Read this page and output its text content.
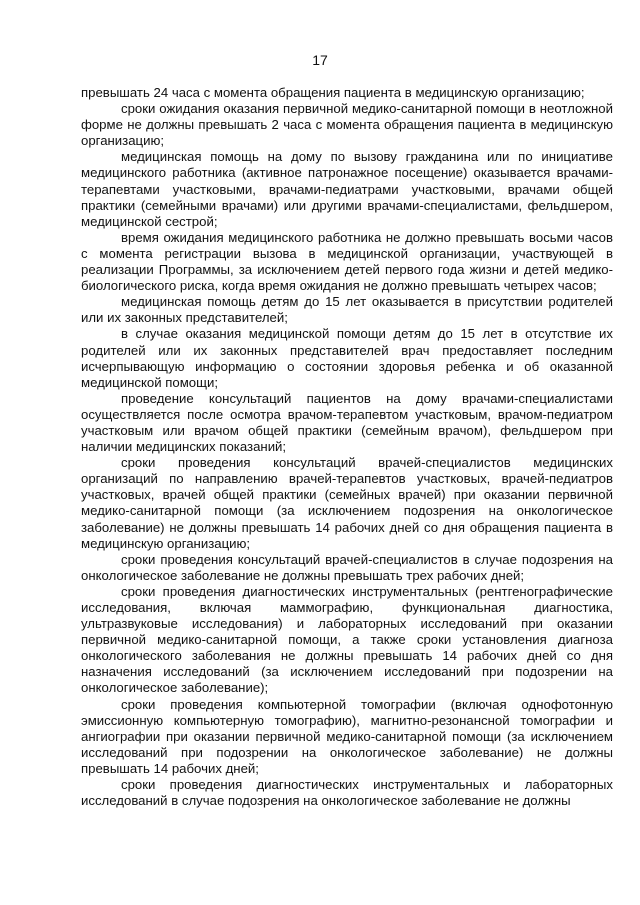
17

превышать 24 часа с момента обращения пациента в медицинскую организацию;

сроки ожидания оказания первичной медико-санитарной помощи в неотложной форме не должны превышать 2 часа с момента обращения пациента в медицинскую организацию;

медицинская помощь на дому по вызову гражданина или по инициативе медицинского работника (активное патронажное посещение) оказывается врачами-терапевтами участковыми, врачами-педиатрами участковыми, врачами общей практики (семейными врачами) или другими врачами-специалистами, фельдшером, медицинской сестрой;

время ожидания медицинского работника не должно превышать восьми часов с момента регистрации вызова в медицинской организации, участвующей в реализации Программы, за исключением детей первого года жизни и детей медико-биологического риска, когда время ожидания не должно превышать четырех часов;

медицинская помощь детям до 15 лет оказывается в присутствии родителей или их законных представителей;

в случае оказания медицинской помощи детям до 15 лет в отсутствие их родителей или их законных представителей врач предоставляет последним исчерпывающую информацию о состоянии здоровья ребенка и об оказанной медицинской помощи;

проведение консультаций пациентов на дому врачами-специалистами осуществляется после осмотра врачом-терапевтом участковым, врачом-педиатром участковым или врачом общей практики (семейным врачом), фельдшером при наличии медицинских показаний;

сроки проведения консультаций врачей-специалистов медицинских организаций по направлению врачей-терапевтов участковых, врачей-педиатров участковых, врачей общей практики (семейных врачей) при оказании первичной медико-санитарной помощи (за исключением подозрения на онкологическое заболевание) не должны превышать 14 рабочих дней со дня обращения пациента в медицинскую организацию;

сроки проведения консультаций врачей-специалистов в случае подозрения на онкологическое заболевание не должны превышать трех рабочих дней;

сроки проведения диагностических инструментальных (рентгенографические исследования, включая маммографию, функциональная диагностика, ультразвуковые исследования) и лабораторных исследований при оказании первичной медико-санитарной помощи, а также сроки установления диагноза онкологического заболевания не должны превышать 14 рабочих дней со дня назначения исследований (за исключением исследований при подозрении на онкологическое заболевание);

сроки проведения компьютерной томографии (включая однофотонную эмиссионную компьютерную томографию), магнитно-резонансной томографии и ангиографии при оказании первичной медико-санитарной помощи (за исключением исследований при подозрении на онкологическое заболевание) не должны превышать 14 рабочих дней;

сроки проведения диагностических инструментальных и лабораторных исследований в случае подозрения на онкологическое заболевание не должны
